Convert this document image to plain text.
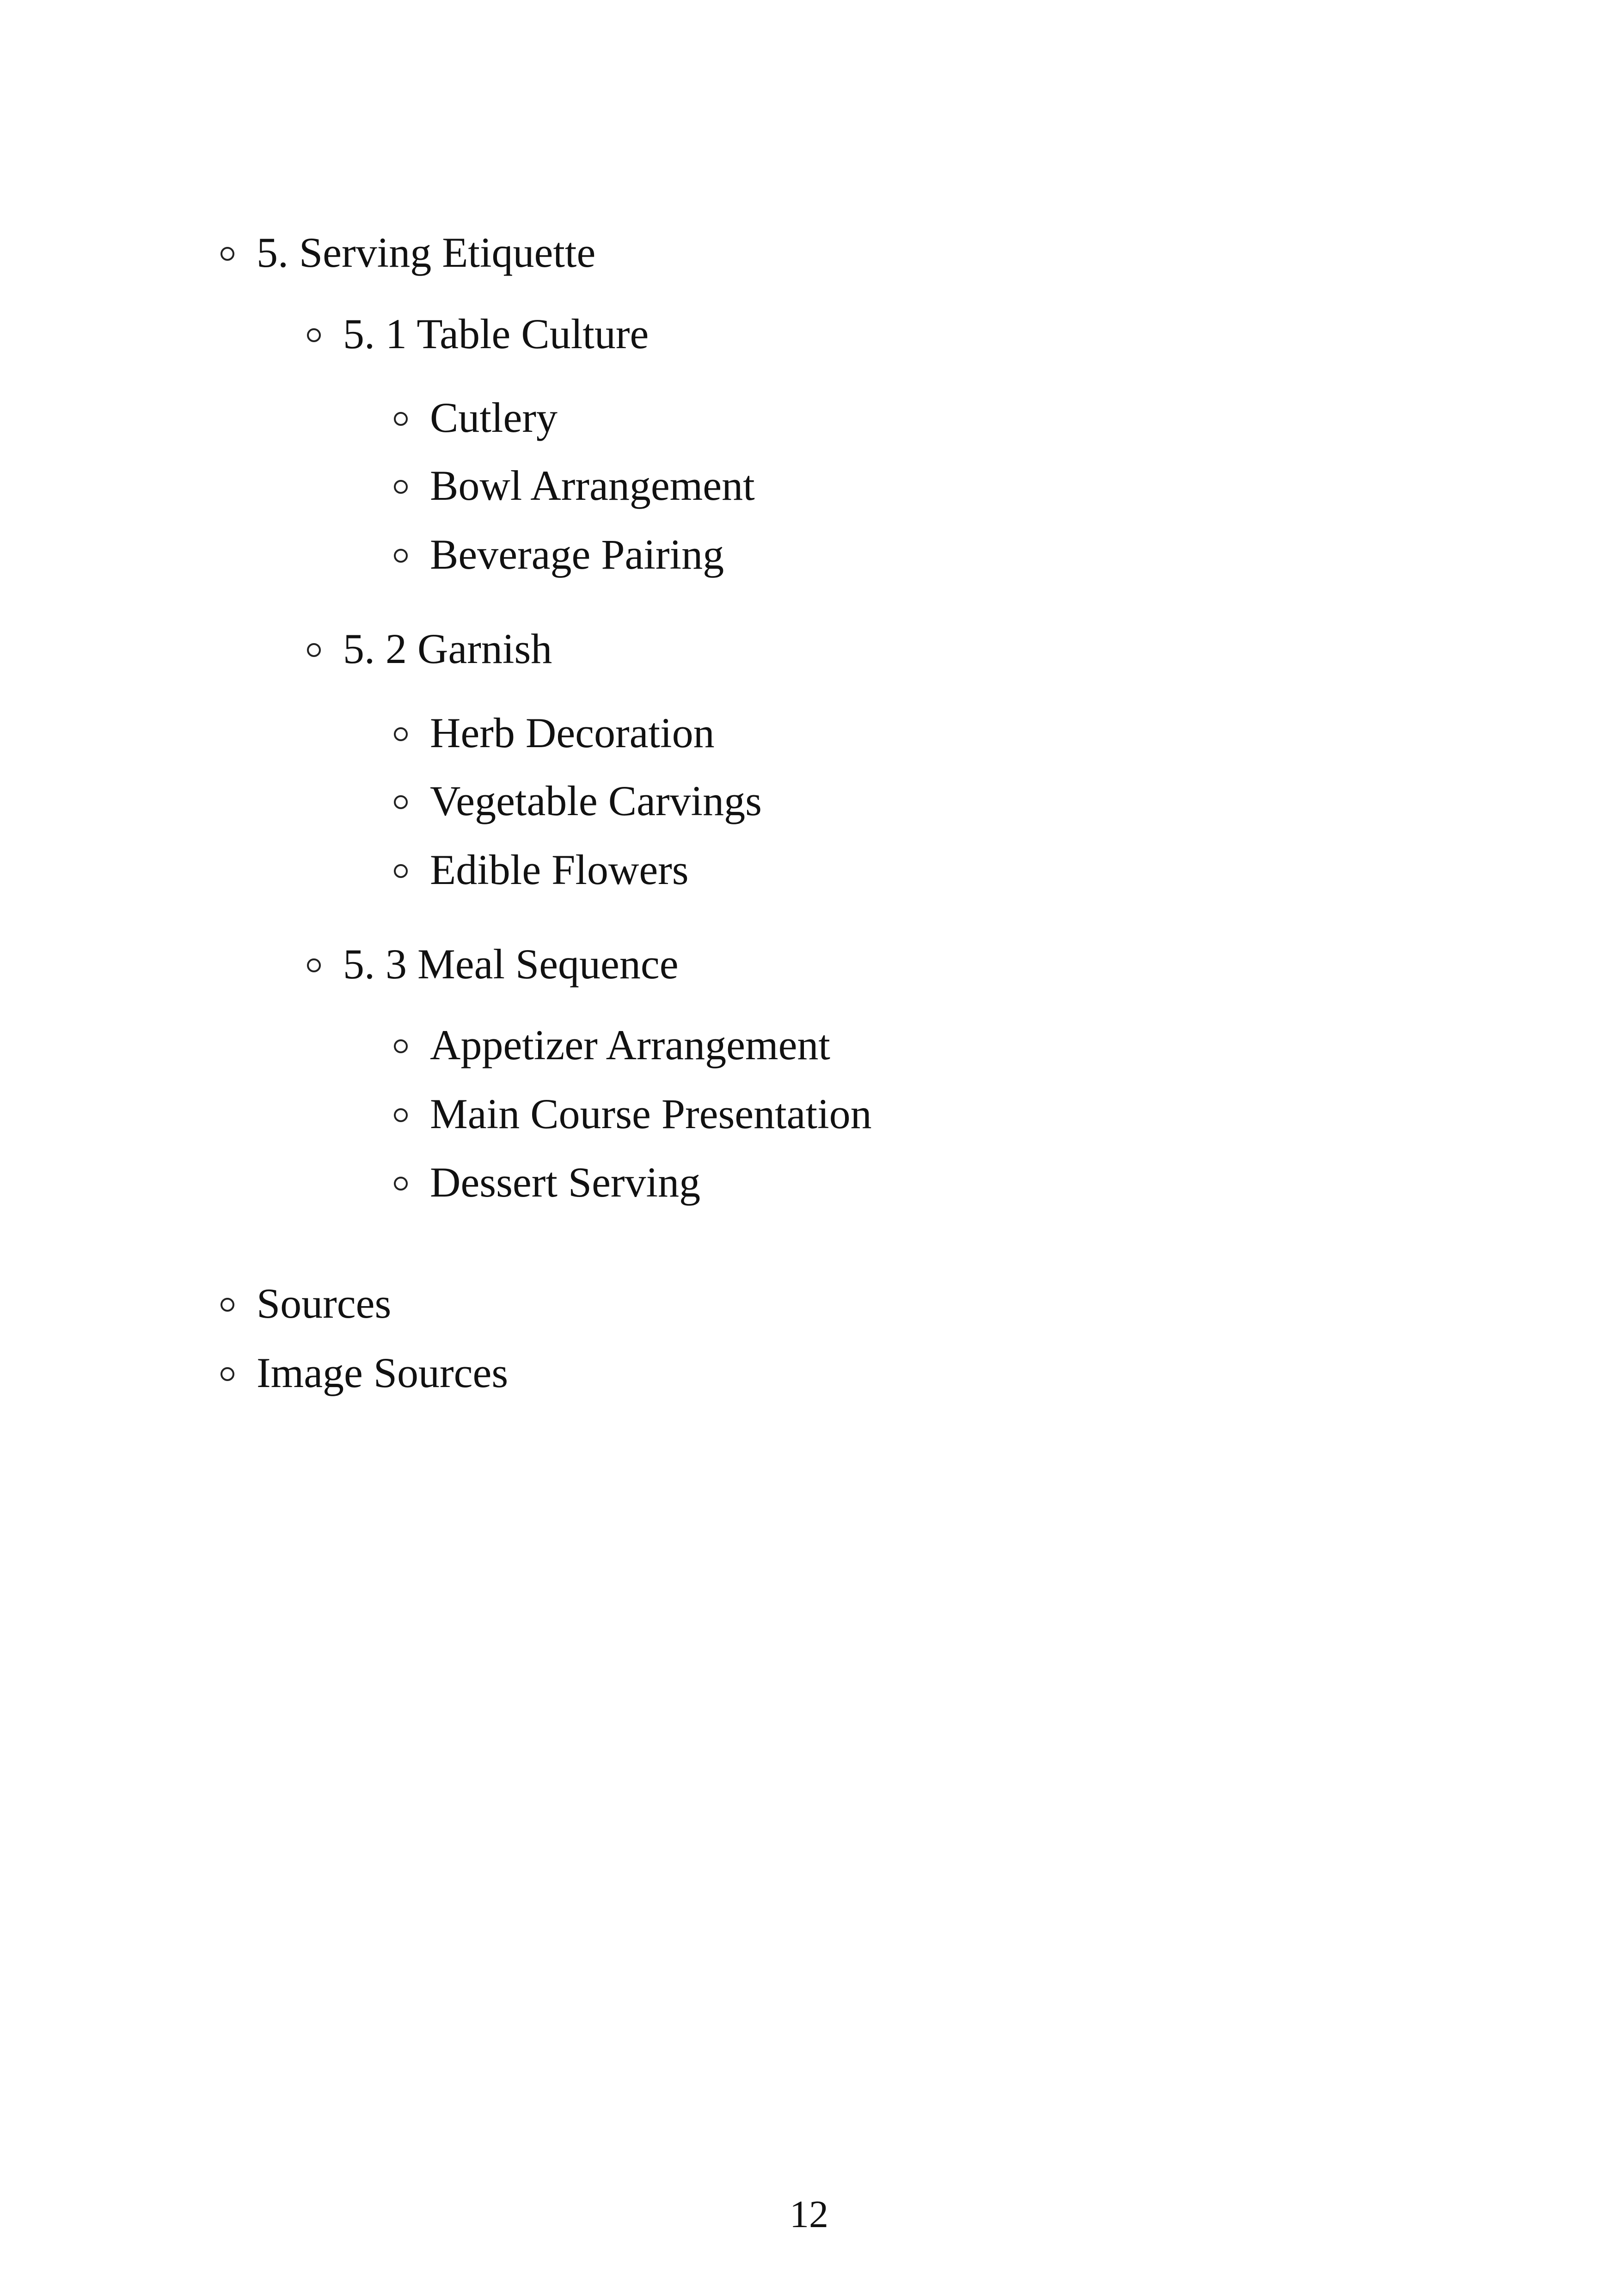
5. Serving Etiquette
5. 1 Table Culture
Cutlery
Bowl Arrangement
Beverage Pairing
5. 2 Garnish
Herb Decoration
Vegetable Carvings
Edible Flowers
5. 3 Meal Sequence
Appetizer Arrangement
Main Course Presentation
Dessert Serving
Sources
Image Sources
12
